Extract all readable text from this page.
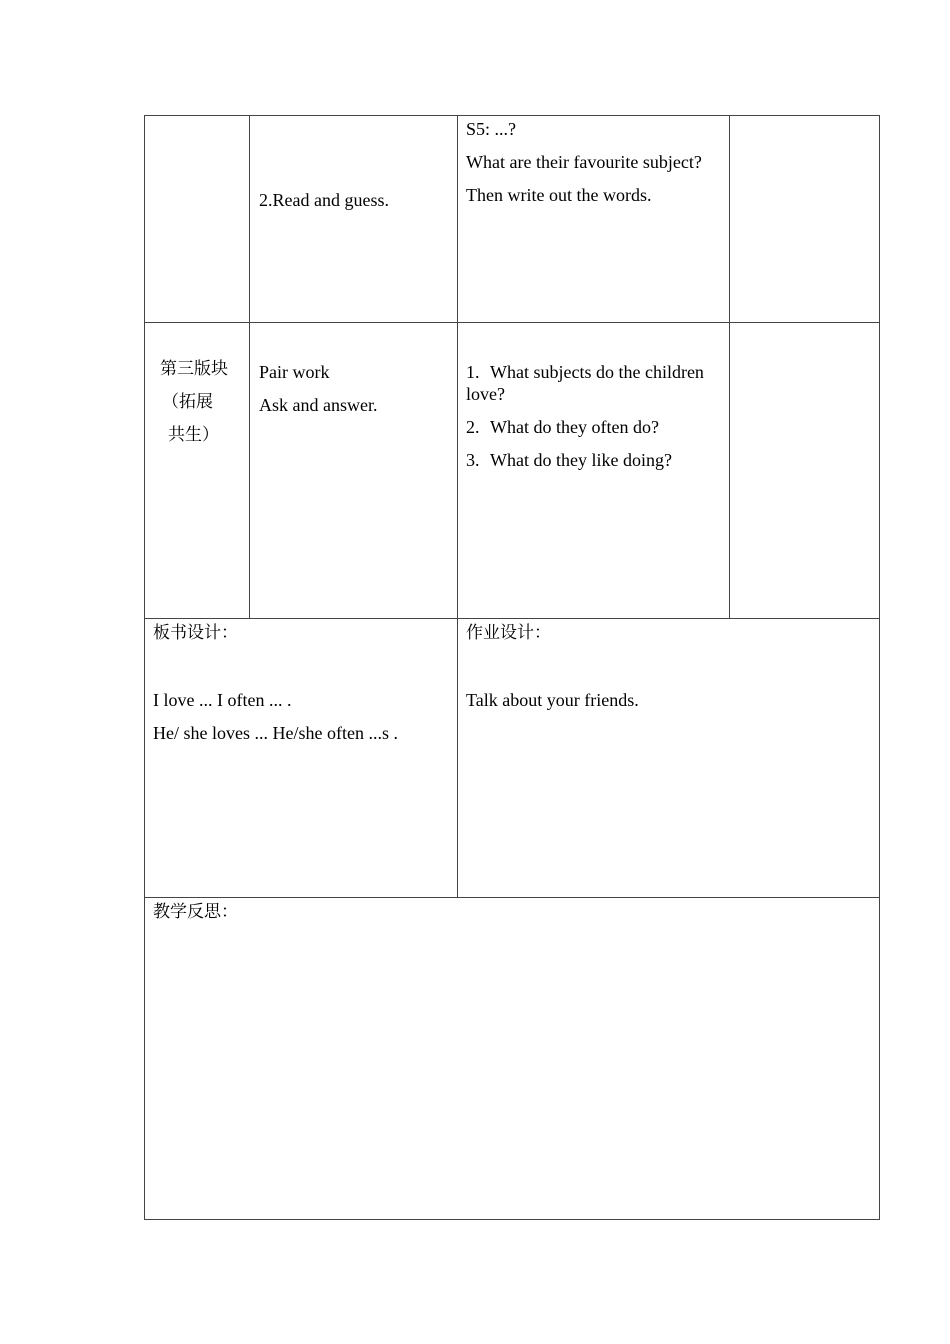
2.Read and guess.
S5: ...?
What are their favourite subject?
Then write out the words.
第三版块
（拓展
共生）
Pair work
Ask and answer.
1. What subjects do the children love?
2. What do they often do?
3. What do they like doing?
板书设计：
I love ... I often ... .
He/ she loves ... He/she often ...s .
作业设计：
Talk about your friends.
教学反思：
